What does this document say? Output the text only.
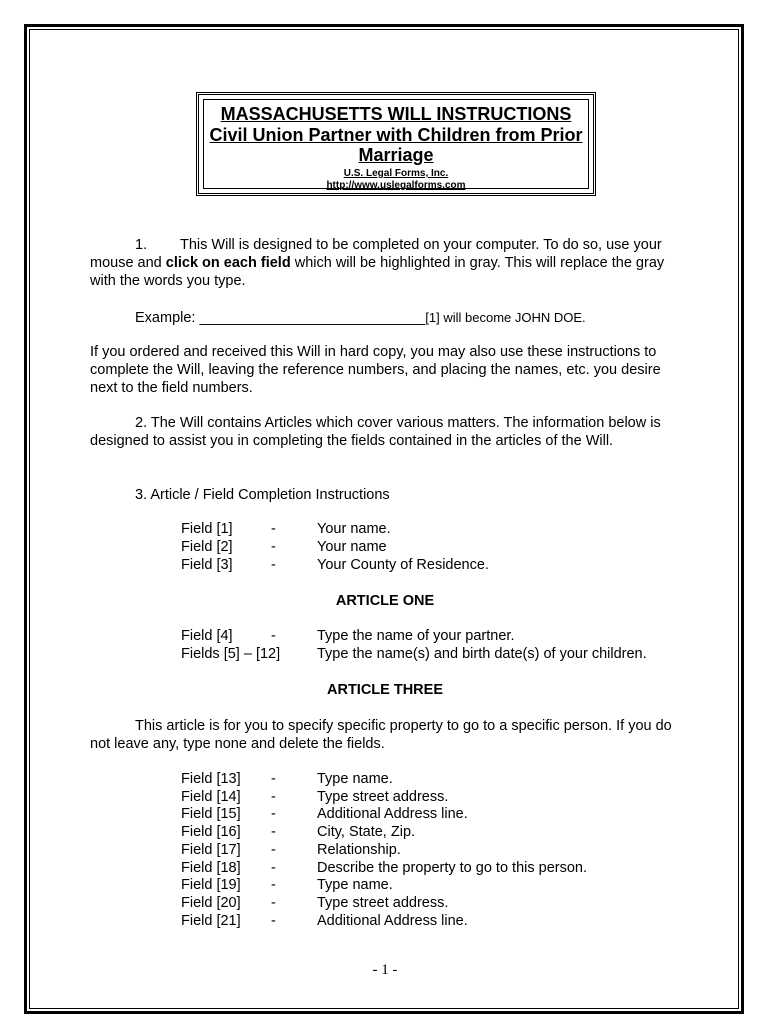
MASSACHUSETTS WILL INSTRUCTIONS
Civil Union Partner with Children from Prior
Marriage
U.S. Legal Forms, Inc.
http://www.uslegalforms.com
1. This Will is designed to be completed on your computer. To do so, use your mouse and click on each field which will be highlighted in gray. This will replace the gray with the words you type.
Example: ____________________________[1] will become JOHN DOE.
If you ordered and received this Will in hard copy, you may also use these instructions to complete the Will, leaving the reference numbers, and placing the names, etc. you desire next to the field numbers.
2. The Will contains Articles which cover various matters. The information below is designed to assist you in completing the fields contained in the articles of the Will.
3. Article / Field Completion Instructions
Field [1]	-	Your name.
Field [2]	-	Your name
Field [3]	-	Your County of Residence.
ARTICLE ONE
Field [4]	-	Type the name of your partner.
Fields [5] – [12]	Type the name(s) and birth date(s) of your children.
ARTICLE THREE
This article is for you to specify specific property to go to a specific person. If you do not leave any, type none and delete the fields.
Field [13] -	Type name.
Field [14] -	Type street address.
Field [15] -	Additional Address line.
Field [16] -	City, State, Zip.
Field [17] -	Relationship.
Field [18] -	Describe the property to go to this person.
Field [19] -	Type name.
Field [20] -	Type street address.
Field [21] -	Additional Address line.
- 1 -
